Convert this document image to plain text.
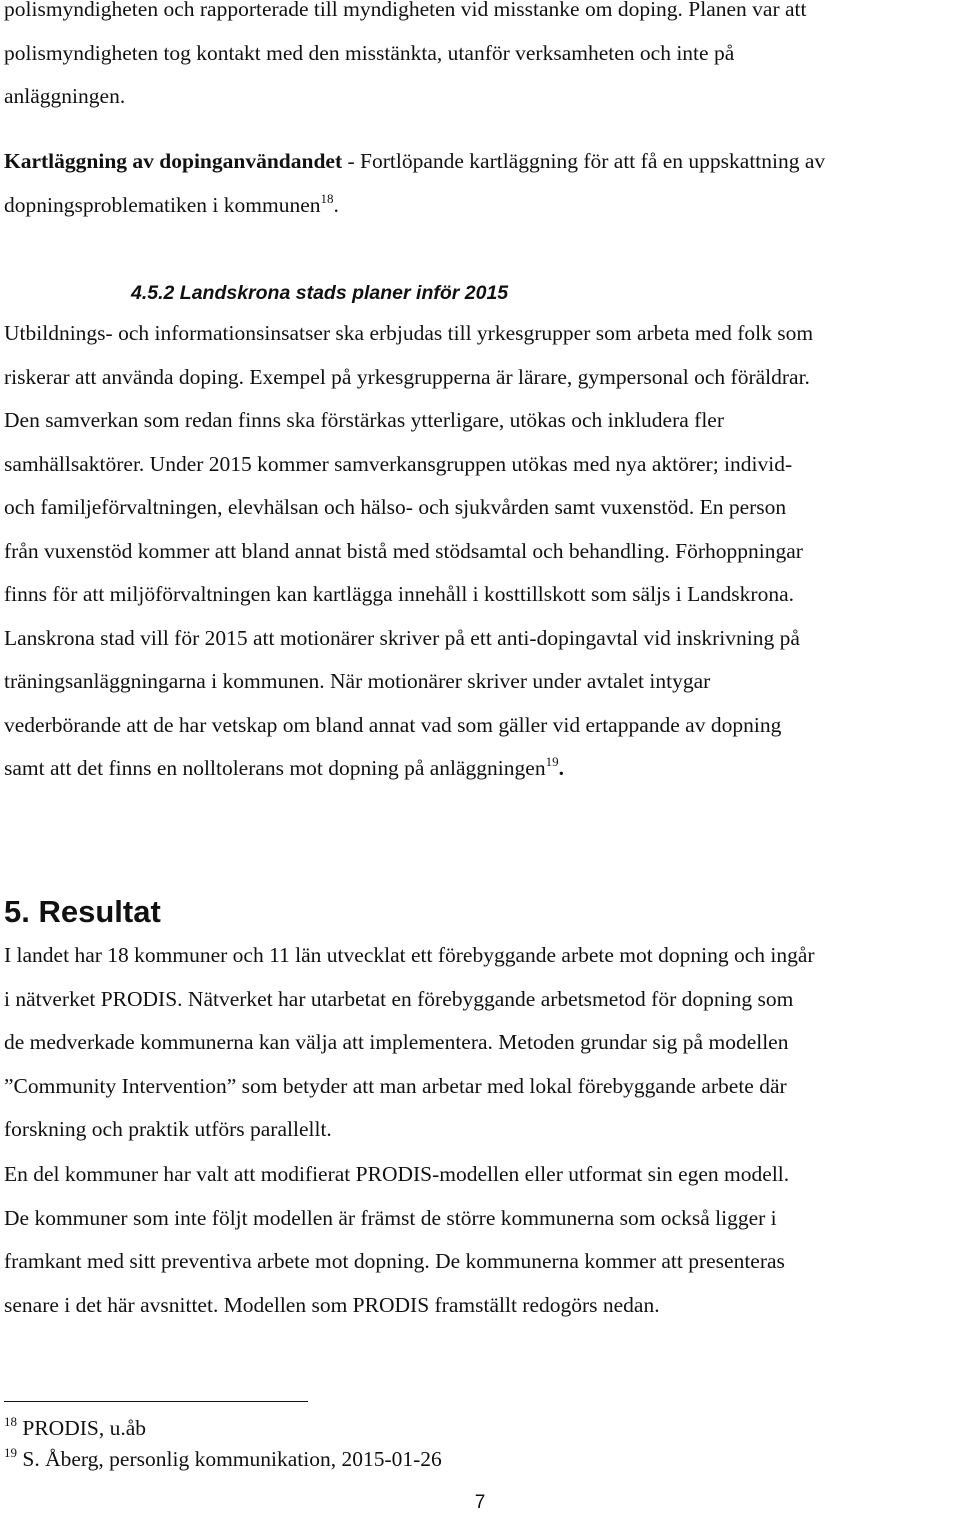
polismyndigheten och rapporterade till myndigheten vid misstanke om doping. Planen var att
polismyndigheten tog kontakt med den misstänkta, utanför verksamheten och inte på
anläggningen.

Kartläggning av dopinganvändandet - Fortlöpande kartläggning för att få en uppskattning av
dopningsproblematiken i kommunen$^{18}$.

4.5.2 Landskrona stads planer inför 2015

Utbildnings- och informationsinsatser ska erbjudas till yrkesgrupper som arbeta med folk som
riskerar att använda doping. Exempel på yrkesgrupperna är lärare, gympersonal och föräldrar.
Den samverkan som redan finns ska förstärkas ytterligare, utökas och inkludera fler
samhällsaktörer. Under 2015 kommer samverkansgruppen utökas med nya aktörer; individ-
och familjeförvaltningen, elevhälsan och hälso- och sjukvården samt vuxenstöd. En person
från vuxenstöd kommer att bland annat bistå med stödsamtal och behandling. Förhoppningar
finns för att miljöförvaltningen kan kartlägga innehåll i kosttillskott som säljs i Landskrona.
Lanskrona stad vill för 2015 att motionärer skriver på ett anti-dopingavtal vid inskrivning på
träningsanläggningarna i kommunen. När motionärer skriver under avtalet intygar
vederbörande att de har vetskap om bland annat vad som gäller vid ertappande av dopning
samt att det finns en nolltolerans mot dopning på anläggningen$^{19}$.

5. Resultat

I landet har 18 kommuner och 11 län utvecklat ett förebyggande arbete mot dopning och ingår
i nätverket PRODIS. Nätverket har utarbetat en förebyggande arbetsmetod för dopning som
de medverkade kommunerna kan välja att implementera. Metoden grundar sig på modellen
”Community Intervention” som betyder att man arbetar med lokal förebyggande arbete där
forskning och praktik utförs parallellt.

En del kommuner har valt att modifierat PRODIS-modellen eller utformat sin egen modell.
De kommuner som inte följt modellen är främst de större kommunerna som också ligger i
framkant med sitt preventiva arbete mot dopning. De kommunerna kommer att presenteras
senare i det här avsnittet. Modellen som PRODIS framställt redogörs nedan.

$^{18}$ PRODIS, u.åb
$^{19}$ S. Åberg, personlig kommunikation, 2015-01-26

7
